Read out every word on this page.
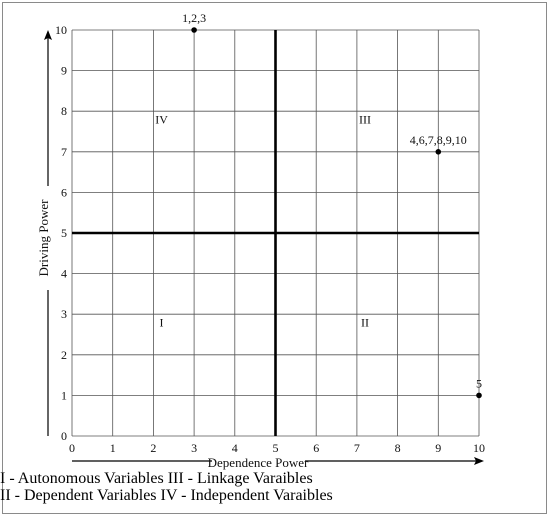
0	1	2	3	4	5	6	7	8	9	10
0
1
2
3
4
5
6
7
8
9
10
IV	III
I	II
1,2,3
4,6,7,8,9,10
5
Dependence Power
Driving Power
I - Autonomous Variables III - Linkage Varaibles
II - Dependent Variables IV - Independent Varaibles
